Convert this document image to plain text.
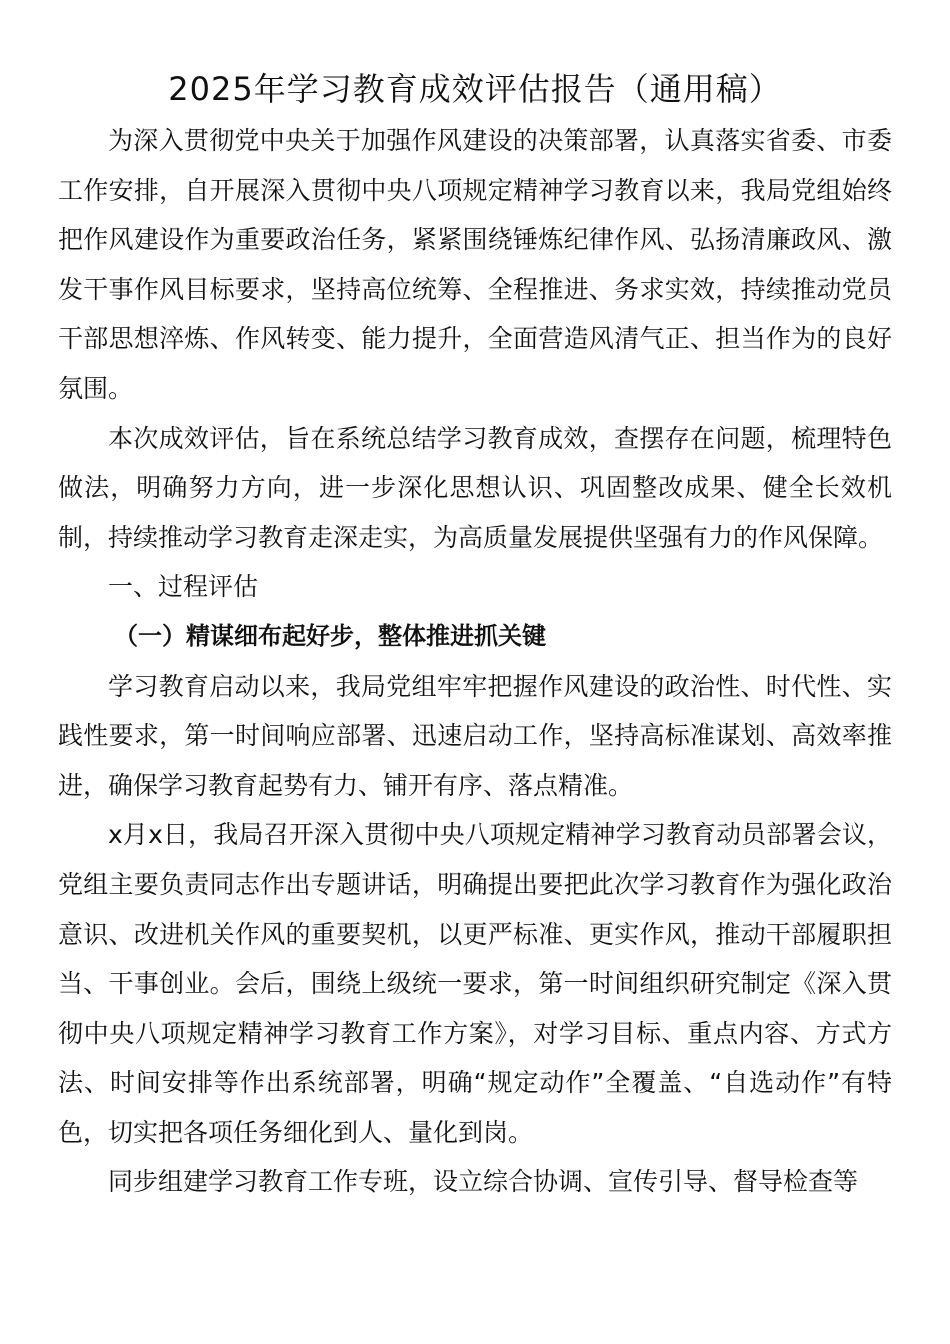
2025年学习教育成效评估报告（通用稿）

为深入贯彻党中央关于加强作风建设的决策部署，认真落实省委、市委工作安排，自开展深入贯彻中央八项规定精神学习教育以来，我局党组始终把作风建设作为重要政治任务，紧紧围绕锤炼纪律作风、弘扬清廉政风、激发干事作风目标要求，坚持高位统筹、全程推进、务求实效，持续推动党员干部思想淬炼、作风转变、能力提升，全面营造风清气正、担当作为的良好氛围。

本次成效评估，旨在系统总结学习教育成效，查摆存在问题，梳理特色做法，明确努力方向，进一步深化思想认识、巩固整改成果、健全长效机制，持续推动学习教育走深走实，为高质量发展提供坚强有力的作风保障。

一、过程评估

（一）精谋细布起好步，整体推进抓关键

学习教育启动以来，我局党组牢牢把握作风建设的政治性、时代性、实践性要求，第一时间响应部署、迅速启动工作，坚持高标准谋划、高效率推进，确保学习教育起势有力、铺开有序、落点精准。

x月x日，我局召开深入贯彻中央八项规定精神学习教育动员部署会议，党组主要负责同志作出专题讲话，明确提出要把此次学习教育作为强化政治意识、改进机关作风的重要契机，以更严标准、更实作风，推动干部履职担当、干事创业。会后，围绕上级统一要求，第一时间组织研究制定《深入贯彻中央八项规定精神学习教育工作方案》，对学习目标、重点内容、方式方法、时间安排等作出系统部署，明确“规定动作”全覆盖、“自选动作”有特色，切实把各项任务细化到人、量化到岗。

同步组建学习教育工作专班，设立综合协调、宣传引导、督导检查等
